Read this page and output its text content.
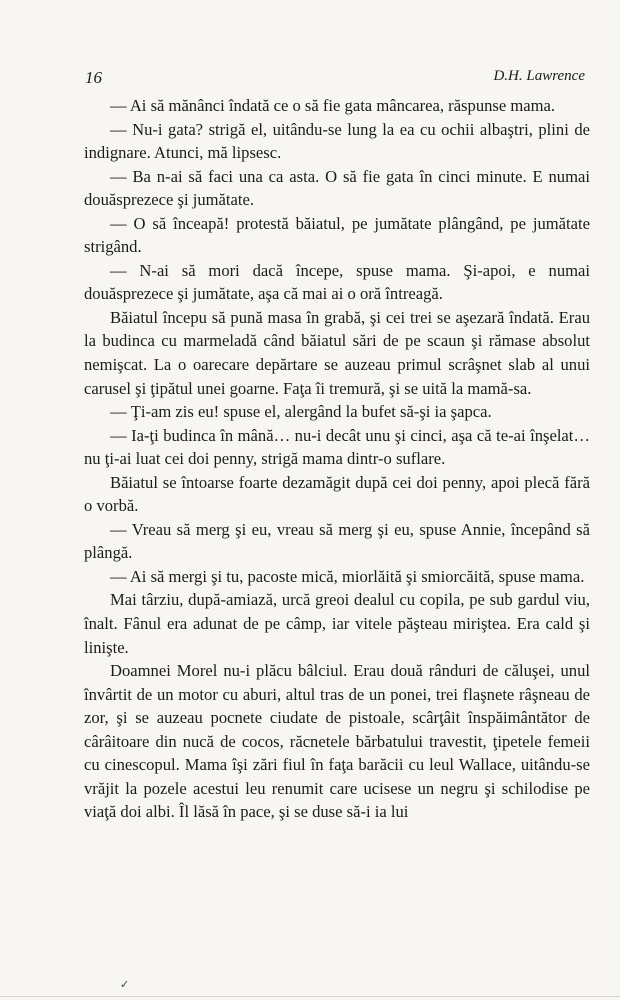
16	D.H. Lawrence

— Ai să mănânci îndată ce o să fie gata mâncarea, răspunse mama.

— Nu-i gata? strigă el, uitându-se lung la ea cu ochii albaştri, plini de indignare. Atunci, mă lipsesc.

— Ba n-ai să faci una ca asta. O să fie gata în cinci minute. E numai douăsprezece şi jumătate.

— O să înceapă! protestă băiatul, pe jumătate plângând, pe jumătate strigând.

— N-ai să mori dacă începe, spuse mama. Şi-apoi, e numai douăsprezece şi jumătate, aşa că mai ai o oră întreagă.

Băiatul începu să pună masa în grabă, şi cei trei se aşezară îndată. Erau la budinca cu marmeladă când băiatul sări de pe scaun şi rămase absolut nemişcat. La o oarecare depărtare se auzeau primul scrâşnet slab al unui carusel şi ţipătul unei goarne. Faţa îi tremură, şi se uită la mamă-sa.

— Ţi-am zis eu! spuse el, alergând la bufet să-şi ia şapca.

— Ia-ţi budinca în mână… nu-i decât unu şi cinci, aşa că te-ai înşelat… nu ţi-ai luat cei doi penny, strigă mama dintr-o suflare.

Băiatul se întoarse foarte dezamăgit după cei doi penny, apoi plecă fără o vorbă.

— Vreau să merg şi eu, vreau să merg şi eu, spuse Annie, începând să plângă.

— Ai să mergi şi tu, pacoste mică, miorlăită şi smiorcăită, spuse mama.

Mai târziu, după-amiază, urcă greoi dealul cu copila, pe sub gardul viu, înalt. Fânul era adunat de pe câmp, iar vitele păşteau miriştea. Era cald şi linişte.

Doamnei Morel nu-i plăcu bâlciul. Erau două rânduri de căluşei, unul învârtit de un motor cu aburi, altul tras de un ponei, trei flaşnete râşneau de zor, şi se auzeau pocnete ciudate de pistoale, scârţâit înspăimântător de cârâitoare din nucă de cocos, răcnetele bărbatului travestit, ţipetele femeii cu cinescopul. Mama îşi zări fiul în faţa barăcii cu leul Wallace, uitându-se vrăjit la pozele acestui leu renumit care ucisese un negru şi schilodise pe viaţă doi albi. Îl lăsă în pace, şi se duse să-i ia lui

✓
